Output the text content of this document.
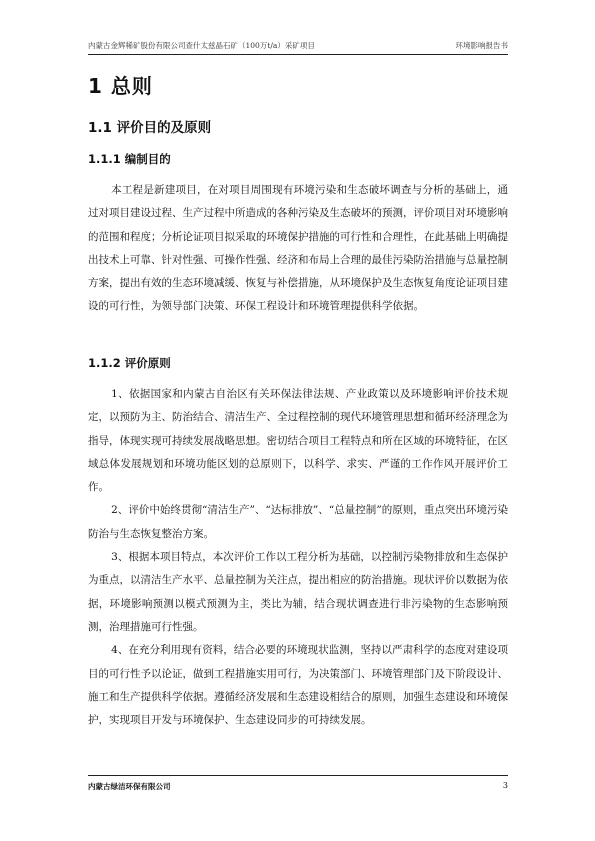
内蒙古金辉稀矿股份有限公司查什太兹晶石矿（100万t/a）采矿项目	环境影响报告书
1 总则
1.1 评价目的及原则
1.1.1 编制目的

本工程是新建项目，在对项目周围现有环境污染和生态破坏调查与分析的基础上，通过对项目建设过程、生产过程中所造成的各种污染及生态破坏的预测，评价项目对环境影响的范围和程度；分析论证项目拟采取的环境保护措施的可行性和合理性，在此基础上明确提出技术上可靠、针对性强、可操作性强、经济和布局上合理的最佳污染防治措施与总量控制方案，提出有效的生态环境减缓、恢复与补偿措施，从环境保护及生态恢复角度论证项目建设的可行性，为领导部门决策、环保工程设计和环境管理提供科学依据。

1.1.2 评价原则

1、依据国家和内蒙古自治区有关环保法律法规、产业政策以及环境影响评价技术规定，以预防为主、防治结合、清洁生产、全过程控制的现代环境管理思想和循环经济理念为指导，体现实现可持续发展战略思想。密切结合项目工程特点和所在区域的环境特征，在区域总体发展规划和环境功能区划的总原则下，以科学、求实、严谨的工作作风开展评价工作。

2、评价中始终贯彻“清洁生产”、“达标排放”、“总量控制”的原则，重点突出环境污染防治与生态恢复整治方案。

3、根据本项目特点，本次评价工作以工程分析为基础，以控制污染物排放和生态保护为重点，以清洁生产水平、总量控制为关注点，提出相应的防治措施。现状评价以数据为依据，环境影响预测以模式预测为主，类比为辅，结合现状调查进行非污染物的生态影响预测，治理措施可行性强。

4、在充分利用现有资料，结合必要的环境现状监测，坚持以严肃科学的态度对建设项目的可行性予以论证，做到工程措施实用可行，为决策部门、环境管理部门及下阶段设计、施工和生产提供科学依据。遵循经济发展和生态建设相结合的原则，加强生态建设和环境保护，实现项目开发与环境保护、生态建设同步的可持续发展。

内蒙古绿洁环保有限公司	3
